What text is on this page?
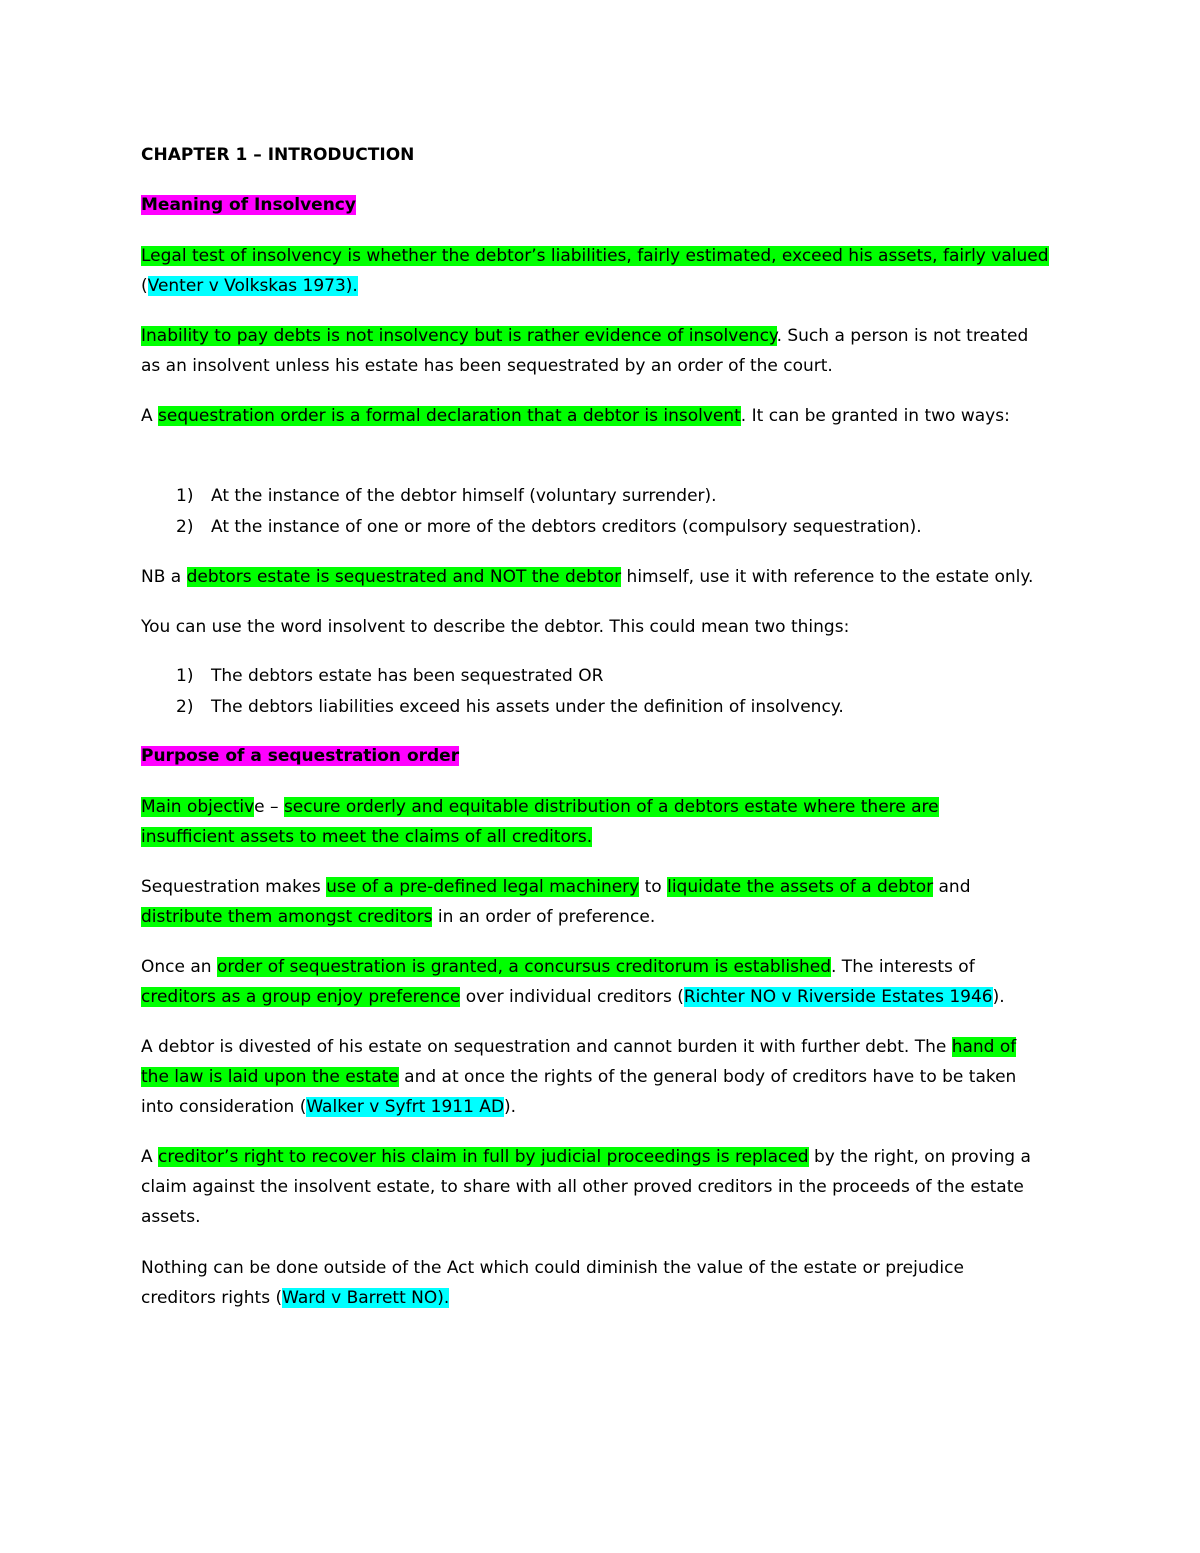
CHAPTER 1 – INTRODUCTION
Meaning of Insolvency
Legal test of insolvency is whether the debtor’s liabilities, fairly estimated, exceed his assets, fairly valued
(Venter v Volkskas 1973).
Inability to pay debts is not insolvency but is rather evidence of insolvency. Such a person is not treated
as an insolvent unless his estate has been sequestrated by an order of the court.
A sequestration order is a formal declaration that a debtor is insolvent. It can be granted in two ways:
1) At the instance of the debtor himself (voluntary surrender).
2) At the instance of one or more of the debtors creditors (compulsory sequestration).
NB a debtors estate is sequestrated and NOT the debtor himself, use it with reference to the estate only.
You can use the word insolvent to describe the debtor. This could mean two things:
1) The debtors estate has been sequestrated OR
2) The debtors liabilities exceed his assets under the definition of insolvency.
Purpose of a sequestration order
Main objective – secure orderly and equitable distribution of a debtors estate where there are
insufficient assets to meet the claims of all creditors.
Sequestration makes use of a pre-defined legal machinery to liquidate the assets of a debtor and
distribute them amongst creditors in an order of preference.
Once an order of sequestration is granted, a concursus creditorum is established. The interests of
creditors as a group enjoy preference over individual creditors (Richter NO v Riverside Estates 1946).
A debtor is divested of his estate on sequestration and cannot burden it with further debt. The hand of
the law is laid upon the estate and at once the rights of the general body of creditors have to be taken
into consideration (Walker v Syfrt 1911 AD).
A creditor’s right to recover his claim in full by judicial proceedings is replaced by the right, on proving a
claim against the insolvent estate, to share with all other proved creditors in the proceeds of the estate
assets.
Nothing can be done outside of the Act which could diminish the value of the estate or prejudice
creditors rights (Ward v Barrett NO).
